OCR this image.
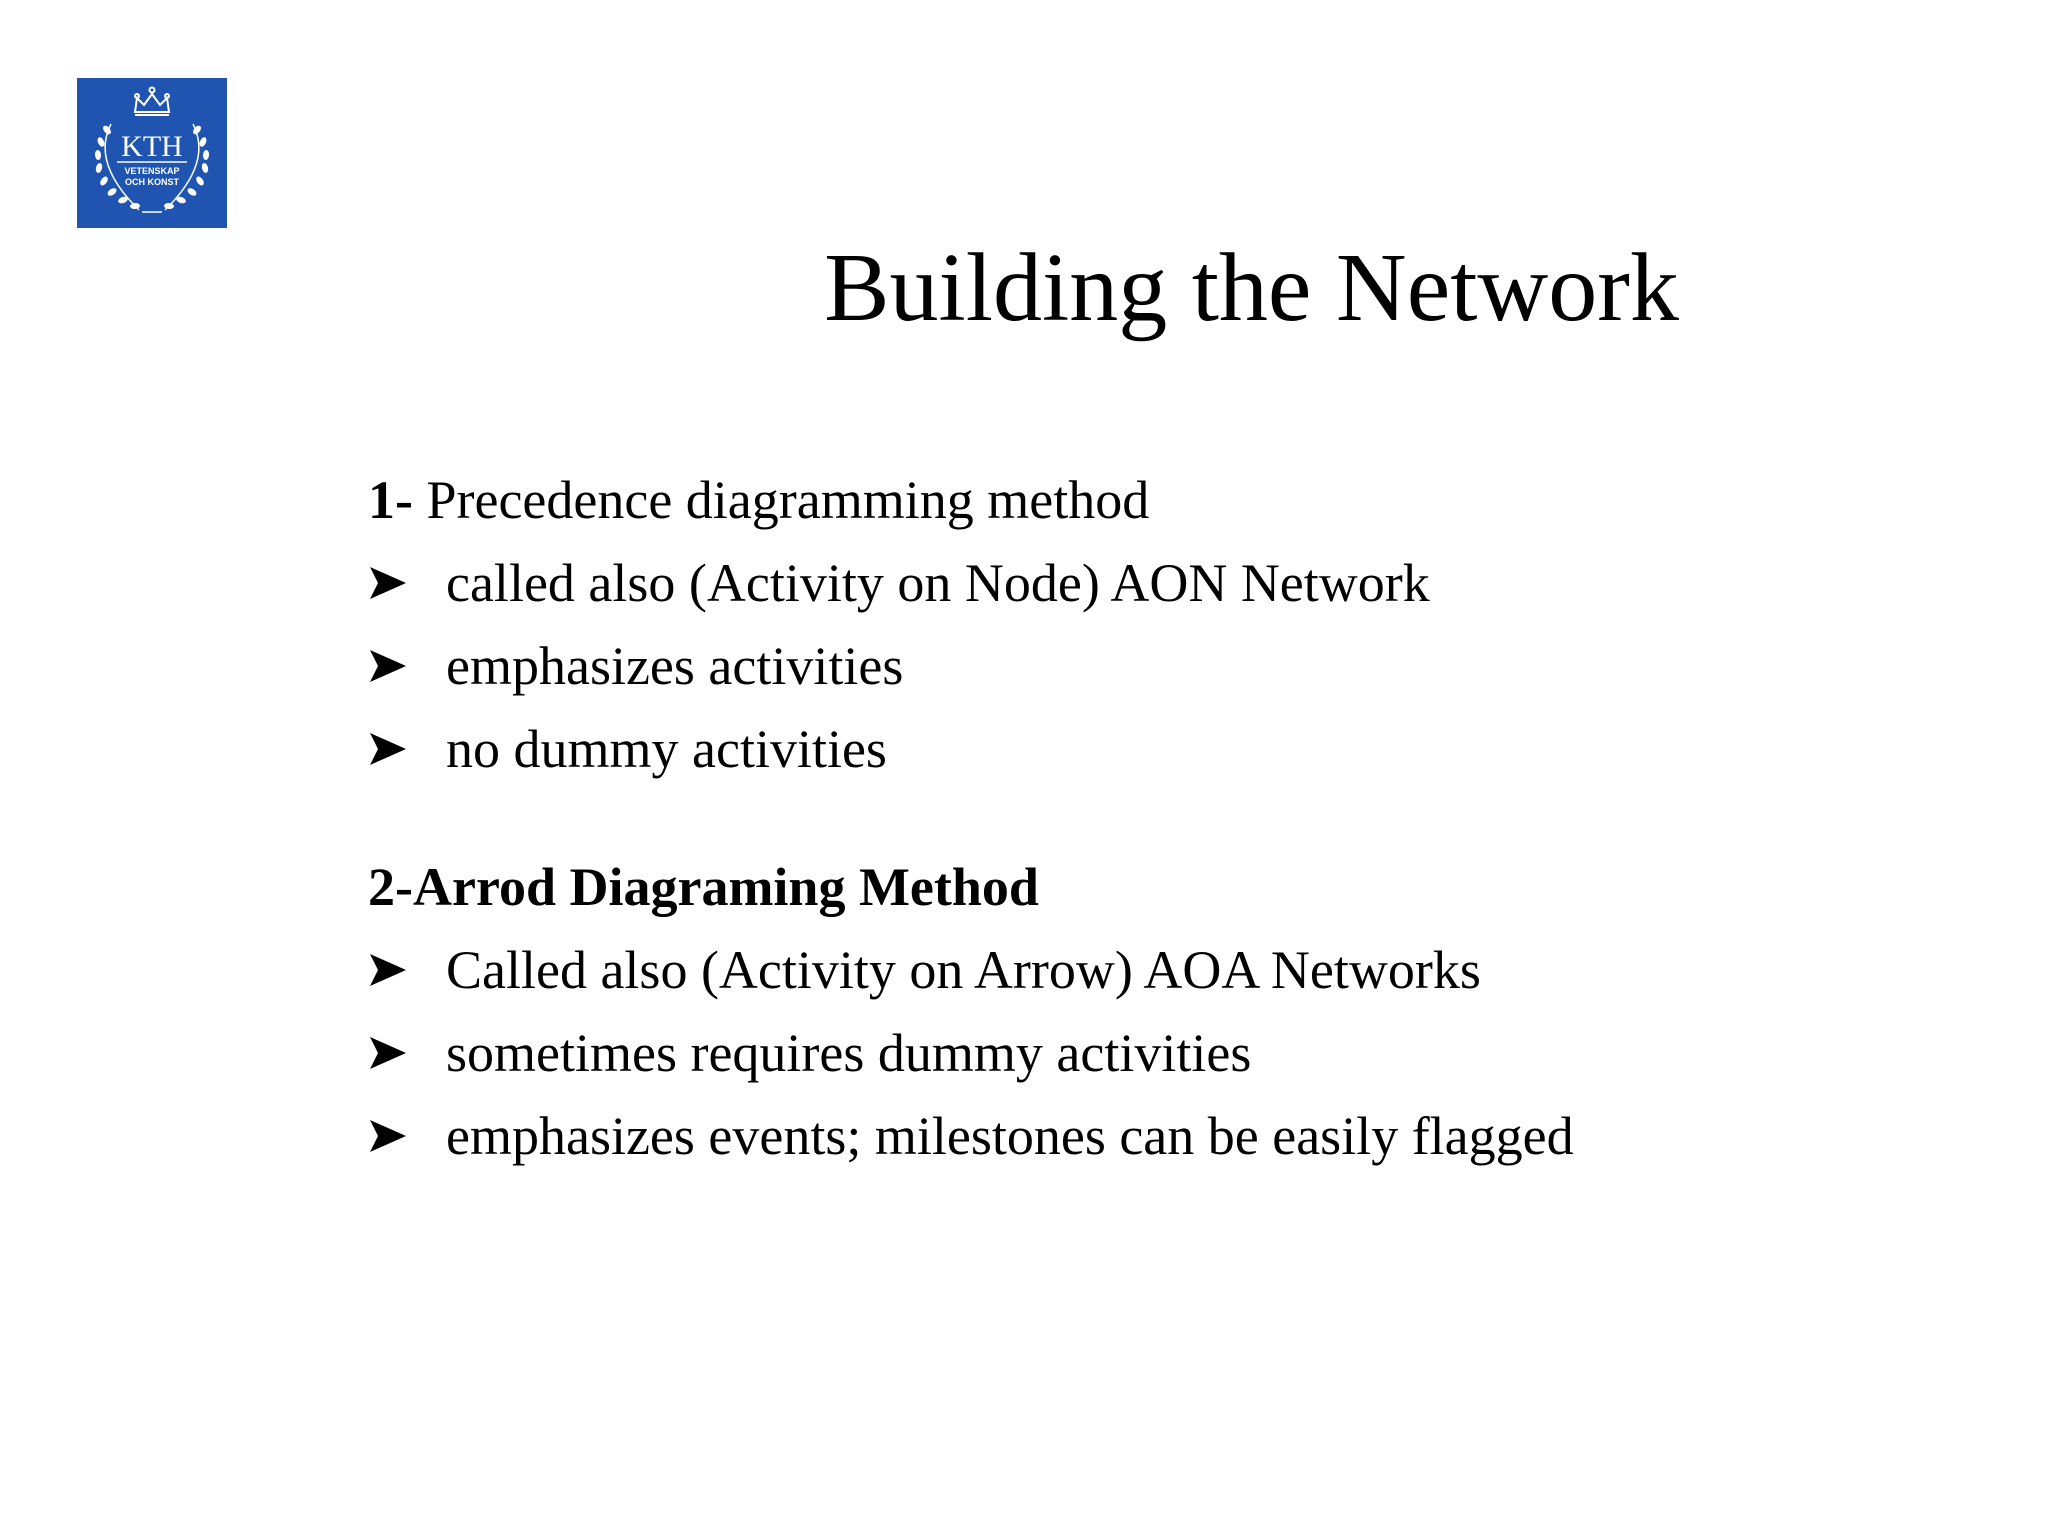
KTH
VETENSKAP
OCH KONST
Building the Network
1- Precedence diagramming method
called also (Activity on Node) AON Network
emphasizes activities
no dummy activities
2-Arrod Diagraming Method
Called also (Activity on Arrow) AOA Networks
sometimes requires dummy activities
emphasizes events; milestones can be easily flagged
